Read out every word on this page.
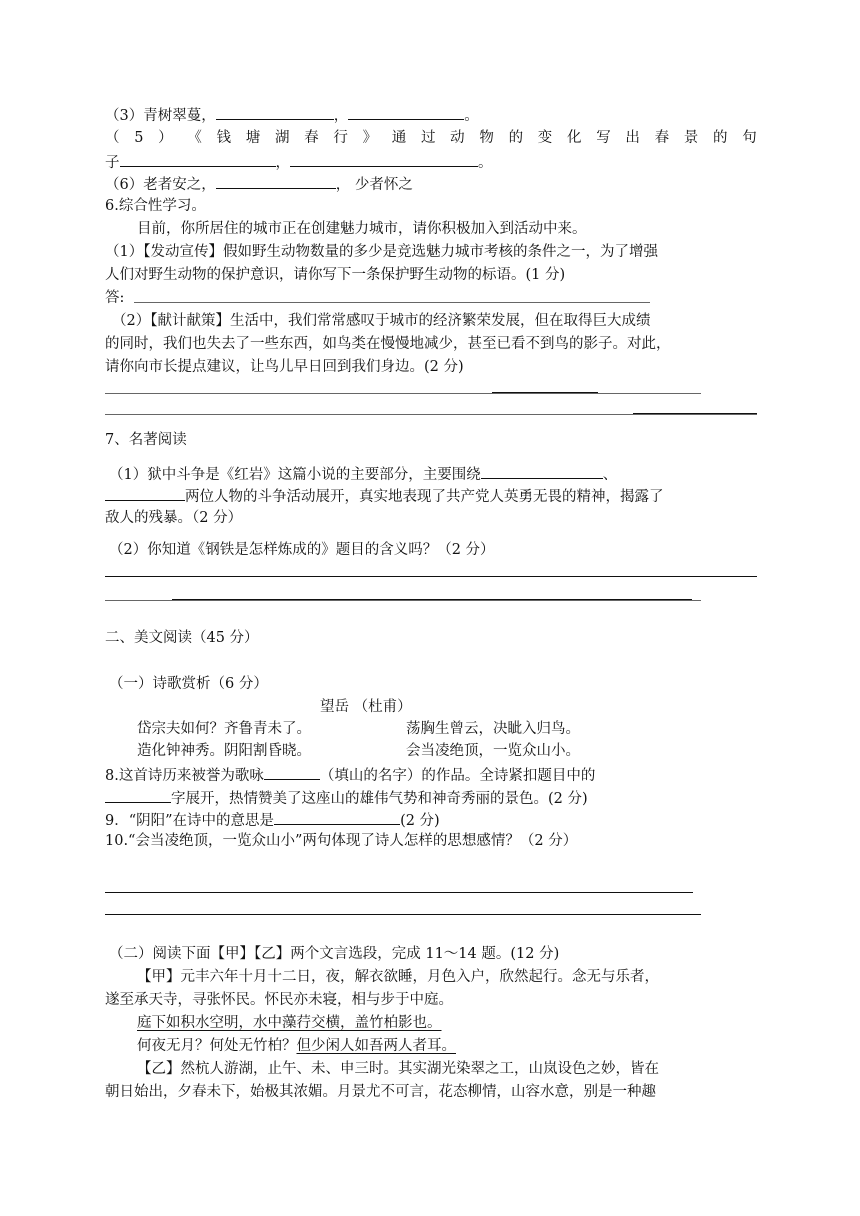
（3）青树翠蔓，	，	。
（ 5 ） 《 钱 塘 湖 春 行 》 通 过 动 物 的 变 化 写 出 春 景 的 句
子	，	。
（6）老者安之，	， 少者怀之
6.综合性学习。
目前，你所居住的城市正在创建魅力城市，请你积极加入到活动中来。
（1）【发动宣传】假如野生动物数量的多少是竞选魅力城市考核的条件之一，为了增强
人们对野生动物的保护意识，请你写下一条保护野生动物的标语。(1 分)
答:
（2）【献计献策】生活中，我们常常感叹于城市的经济繁荣发展，但在取得巨大成绩
的同时，我们也失去了一些东西，如鸟类在慢慢地减少，甚至已看不到鸟的影子。对此，
请你向市长提点建议，让鸟儿早日回到我们身边。(2 分)
7、名著阅读
（1）狱中斗争是《红岩》这篇小说的主要部分，主要围绕	、
两位人物的斗争活动展开，真实地表现了共产党人英勇无畏的精神，揭露了
敌人的残暴。（2 分）
（2）你知道《钢铁是怎样炼成的》题目的含义吗？（2 分）
二、美文阅读（45 分）
（一）诗歌赏析（6 分）
望岳 （杜甫）
岱宗夫如何？齐鲁青未了。	荡胸生曾云，决眦入归鸟。
造化钟神秀。阴阳割昏晓。	会当凌绝顶，一览众山小。
8.这首诗历来被誉为歌咏	（填山的名字）的作品。全诗紧扣题目中的
字展开，热情赞美了这座山的雄伟气势和神奇秀丽的景色。(2 分)
9．“阴阳”在诗中的意思是	(2 分)
10.“会当凌绝顶，一览众山小”两句体现了诗人怎样的思想感情？（2 分）
（二）阅读下面【甲】【乙】两个文言选段，完成 11～14 题。(12 分)
【甲】元丰六年十月十二日，夜，解衣欲睡，月色入户，欣然起行。念无与乐者，
遂至承天寺，寻张怀民。怀民亦未寝，相与步于中庭。
庭下如积水空明，水中藻荇交横，盖竹柏影也。
何夜无月？何处无竹柏？但少闲人如吾两人者耳。
【乙】然杭人游湖，止午、未、申三时。其实湖光染翠之工，山岚设色之妙，皆在
朝日始出，夕春未下，始极其浓媚。月景尤不可言，花态柳情，山容水意，别是一种趣
